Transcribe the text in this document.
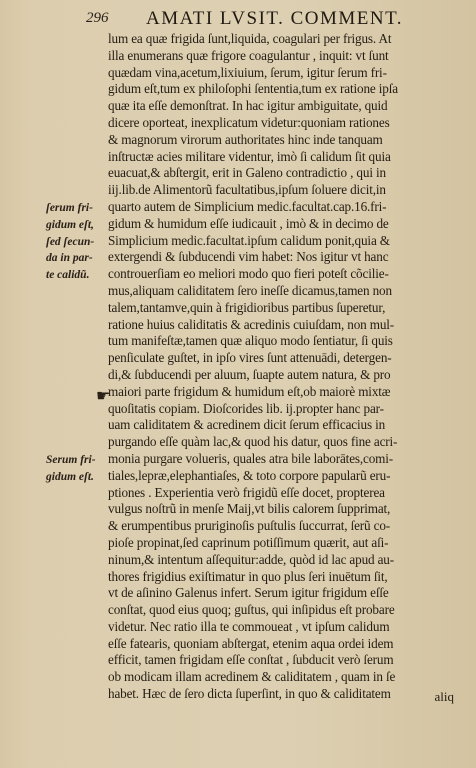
296 AMATI LVSIT. COMMENT.
lum ea quæ frigida ſunt,liquida, coagulari per frigus. At
illa enumerans quæ frigore coagulantur , inquit: vt ſunt
quædam vina,acetum,lixiuium, ſerum, igitur ſerum fri-
gidum eſt,tum ex philoſophi ſententia,tum ex ratione ipſa
quæ ita eſſe demonſtrat. In hac igitur ambiguitate, quid
dicere oporteat, inexplicatum videtur:quoniam rationes
& magnorum virorum authoritates hinc inde tanquam
inſtructæ acies militare videntur, imò ſi calidum ſit quia
euacuat,& abſtergit, erit in Galeno contradictio , qui in
iij.lib.de Alimentorũ facultatibus,ipſum ſoluere dicit,in
quarto autem de Simplicium medic.facultat.cap.16.fri-
gidum & humidum eſſe iudicauit , imò & in decimo de
Simplicium medic.facultat.ipſum calidum ponit,quia &
extergendi & ſubducendi vim habet: Nos igitur vt hanc
controuerſiam eo meliori modo quo fieri poteſt cõcilie-
mus,aliquam caliditatem ſero ineſſe dicamus,tamen non
talem,tantamve,quin à frigidioribus partibus ſuperetur,
ratione huius caliditatis & acredinis cuiuſdam, non mul-
tum manifeſtæ,tamen quæ aliquo modo ſentiatur, ſi quis
penſiculate guſtet, in ipſo vires ſunt attenuādi, detergen-
di,& ſubducendi per aluum, ſuapte autem natura, & pro
maiori parte frigidum & humidum eſt,ob maiorè mixtæ
quoſitatis copiam. Dioſcorides lib. ij.propter hanc par-
uam caliditatem & acredinem dicit ſerum efficacius in
purgando eſſe quàm lac,& quod his datur, quos fine acri-
monia purgare volueris, quales atra bile laborātes,comi-
tiales,lepræ,elephantiaſes, & toto corpore papularũ eru-
ptiones . Experientia verò frigidũ eſſe docet, propterea
vulgus noſtrũ in menſe Maij,vt bilis calorem ſupprimat,
& erumpentibus pruriginoſis puſtulis ſuccurrat, ſerũ co-
pioſe propinat,ſed caprinum potiſſimum quærit, aut aſi-
ninum,& intentum aſſequitur:adde, quòd id lac apud au-
thores frigidius exiſtimatur in quo plus ſeri inuētum ſit,
vt de aſinino Galenus infert. Serum igitur frigidum eſſe
conſtat, quod eius quoq; guſtus, qui inſipidus eſt probare
videtur. Nec ratio illa te commoueat , vt ipſum calidum
eſſe fatearis, quoniam abſtergat, etenim aqua ordei idem
efficit, tamen frigidam eſſe conſtat , ſubducit verò ſerum
ob modicam illam acredinem & caliditatem , quam in ſe
habet. Hæc de ſero dicta ſuperſint, in quo & caliditatem
ſerum fri-
gidum eſt,
ſed ſecun-
da in par-
te calidũ.
Serum fri-
gidum eſt.
☛
aliq
